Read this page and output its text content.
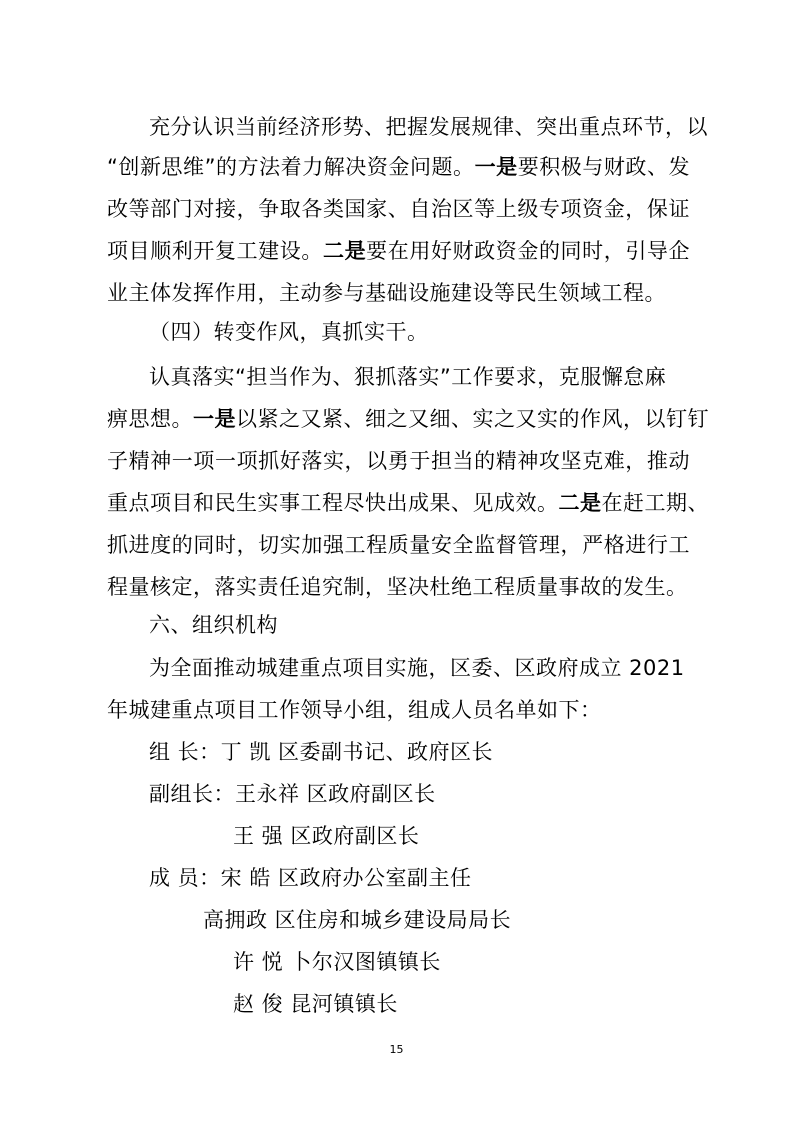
充分认识当前经济形势、把握发展规律、突出重点环节，以
“创新思维”的方法着力解决资金问题。一是要积极与财政、发
改等部门对接，争取各类国家、自治区等上级专项资金，保证
项目顺利开复工建设。二是要在用好财政资金的同时，引导企
业主体发挥作用，主动参与基础设施建设等民生领域工程。
（四）转变作风，真抓实干。
认真落实“担当作为、狠抓落实”工作要求，克服懈怠麻
痹思想。一是以紧之又紧、细之又细、实之又实的作风，以钉钉
子精神一项一项抓好落实，以勇于担当的精神攻坚克难，推动
重点项目和民生实事工程尽快出成果、见成效。二是在赶工期、
抓进度的同时，切实加强工程质量安全监督管理，严格进行工
程量核定，落实责任追究制，坚决杜绝工程质量事故的发生。
六、组织机构
为全面推动城建重点项目实施，区委、区政府成立 2021
年城建重点项目工作领导小组，组成人员名单如下：
组 长：丁 凯 区委副书记、政府区长
副组长：王永祥 区政府副区长
王 强 区政府副区长
成 员：宋 皓 区政府办公室副主任
高拥政 区住房和城乡建设局局长
许 悦 卜尔汉图镇镇长
赵 俊 昆河镇镇长
15
